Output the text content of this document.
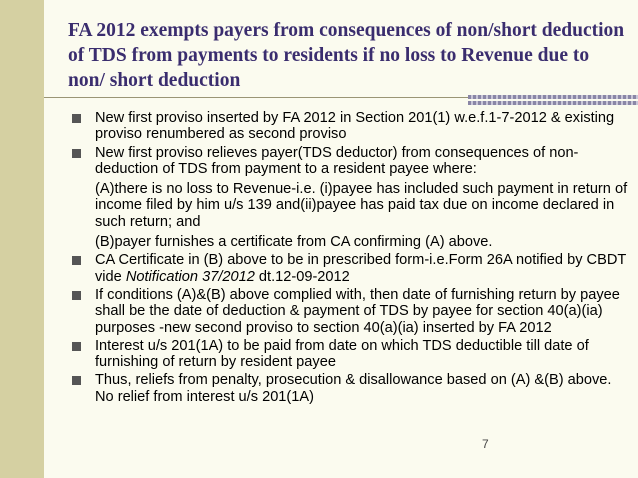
FA 2012 exempts payers from consequences of non/short deduction of TDS from payments to residents if no loss to Revenue due to non/ short deduction
New first proviso inserted by FA 2012 in Section 201(1) w.e.f.1-7-2012 & existing proviso renumbered as second proviso
New first proviso relieves payer(TDS deductor) from consequences of non-deduction of TDS from payment to a resident payee where:
(A)there is no loss to Revenue-i.e. (i)payee has included such payment in return of income filed by him u/s 139 and(ii)payee has paid tax due on income declared in such return; and
(B)payer furnishes a certificate from CA confirming (A) above.
CA Certificate in (B) above to be in prescribed form-i.e.Form 26A notified by CBDT vide Notification 37/2012 dt.12-09-2012
If conditions (A)&(B) above complied with, then date of furnishing return by payee shall be the date of deduction & payment of TDS by payee for section 40(a)(ia) purposes -new second proviso to section 40(a)(ia) inserted by FA 2012
Interest u/s 201(1A) to be paid from date on which TDS deductible till date of furnishing of return by resident payee
Thus, reliefs from penalty, prosecution & disallowance based on (A) &(B) above. No relief from interest u/s 201(1A)
7
